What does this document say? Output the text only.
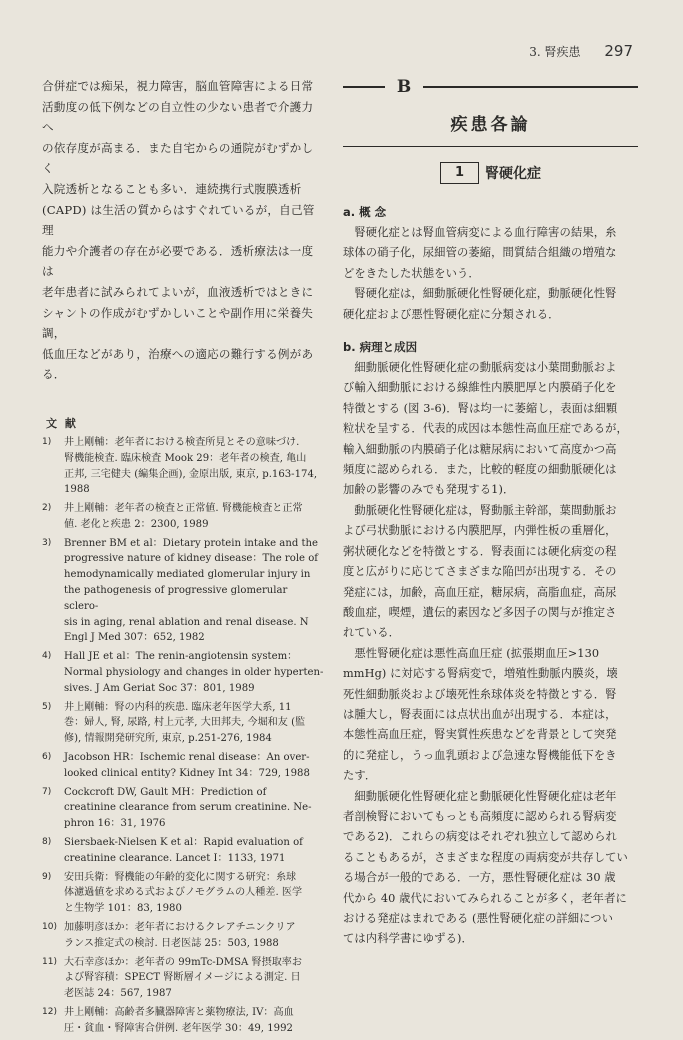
3. 腎疾患 297

合併症では痴呆，視力障害，脳血管障害による日常
活動度の低下例などの自立性の少ない患者で介護力へ
の依存度が高まる．また自宅からの通院がむずかしく
入院透析となることも多い．連続携行式腹膜透析
(CAPD) は生活の質からはすぐれているが，自己管理
能力や介護者の存在が必要である．透析療法は一度は
老年患者に試みられてよいが，血液透析ではときに
シャントの作成がむずかしいことや副作用に栄養失調，
低血圧などがあり，治療への適応の難行する例がある．

文 献
1) 井上剛輔：老年者における検査所見とその意味づけ.
腎機能検査. 臨床検査 Mook 29：老年者の検査, 亀山
正邦, 三宅健夫 (編集企画), 金原出版, 東京, p.163-174,
1988
2) 井上剛輔：老年者の検査と正常値. 腎機能検査と正常
値. 老化と疾患 2：2300, 1989
3) Brenner BM et al：Dietary protein intake and the
progressive nature of kidney disease：The role of
hemodynamically mediated glomerular injury in
the pathogenesis of progressive glomerular sclero-
sis in aging, renal ablation and renal disease. N
Engl J Med 307：652, 1982
4) Hall JE et al：The renin-angiotensin system：
Normal physiology and changes in older hyperten-
sives. J Am Geriat Soc 37：801, 1989
5) 井上剛輔：腎の内科的疾患. 臨床老年医学大系, 11
巻：婦人, 腎, 尿路, 村上元孝, 大田邦夫, 今堀和友 (監
修), 情報開発研究所, 東京, p.251-276, 1984
6) Jacobson HR：Ischemic renal disease：An over-
looked clinical entity? Kidney Int 34：729, 1988
7) Cockcroft DW, Gault MH：Prediction of
creatinine clearance from serum creatinine. Ne-
phron 16：31, 1976
8) Siersbaek-Nielsen K et al：Rapid evaluation of
creatinine clearance. Lancet I：1133, 1971
9) 安田兵衛：腎機能の年齢的変化に関する研究：糸球
体濾過値を求める式およびノモグラムの人種差. 医学
と生物学 101：83, 1980
10) 加藤明彦ほか：老年者におけるクレアチニンクリア
ランス推定式の検討. 日老医誌 25：503, 1988
11) 大石幸彦ほか：老年者の 99mTc-DMSA 腎摂取率お
よび腎容積：SPECT 腎断層イメージによる測定. 日
老医誌 24：567, 1987
12) 井上剛輔：高齢者多臓器障害と薬物療法, IV：高血
圧・貧血・腎障害合併例. 老年医学 30：49, 1992
B
疾患各論
1	腎硬化症
a. 概 念

　腎硬化症とは腎血管病変による血行障害の結果，糸
球体の硝子化，尿細管の萎縮，間質結合組織の増殖な
どをきたした状態をいう．

　腎硬化症は，細動脈硬化性腎硬化症，動脈硬化性腎
硬化症および悪性腎硬化症に分類される．

b. 病理と成因

　細動脈硬化性腎硬化症の動脈病変は小葉間動脈およ
び輸入細動脈における線維性内膜肥厚と内膜硝子化を
特徴とする (図 3-6)．腎は均一に萎縮し，表面は細顆
粒状を呈する．代表的成因は本態性高血圧症であるが，
輸入細動脈の内膜硝子化は糖尿病において高度かつ高
頻度に認められる．また，比較的軽度の細動脈硬化は
加齢の影響のみでも発現する1)．

　動脈硬化性腎硬化症は，腎動脈主幹部，葉間動脈お
よび弓状動脈における内膜肥厚，内弾性板の重層化，
粥状硬化などを特徴とする．腎表面には硬化病変の程
度と広がりに応じてさまざまな陥凹が出現する．その
発症には，加齢，高血圧症，糖尿病，高脂血症，高尿
酸血症，喫煙，遺伝的素因など多因子の関与が推定さ
れている．

　悪性腎硬化症は悪性高血圧症 (拡張期血圧>130
mmHg) に対応する腎病変で，増殖性動脈内膜炎，壊
死性細動脈炎および壊死性糸球体炎を特徴とする．腎
は腫大し，腎表面には点状出血が出現する．本症は，
本態性高血圧症，腎実質性疾患などを背景として突発
的に発症し，うっ血乳頭および急速な腎機能低下をき
たす．

　細動脈硬化性腎硬化症と動脈硬化性腎硬化症は老年
者剖検腎においてもっとも高頻度に認められる腎病変
である2)．これらの病変はそれぞれ独立して認められ
ることもあるが，さまざまな程度の両病変が共存してい
る場合が一般的である．一方，悪性腎硬化症は 30 歳
代から 40 歳代においてみられることが多く，老年者に
おける発症はまれである (悪性腎硬化症の詳細につい
ては内科学書にゆずる)．
